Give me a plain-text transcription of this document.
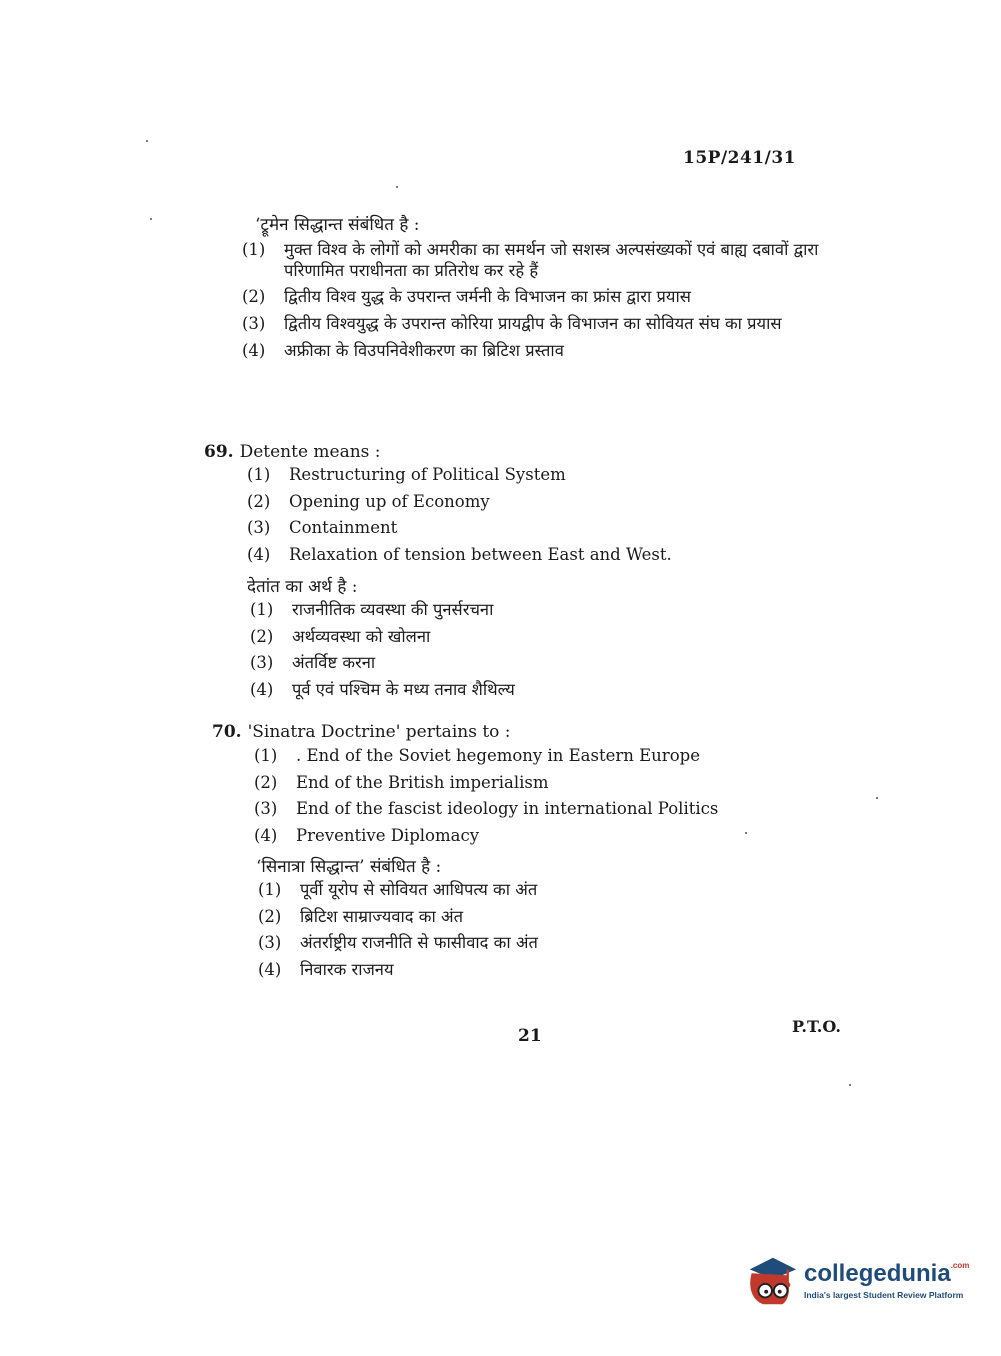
15P/241/31
‘ट्रूमेन सिद्धान्त संबंधित है :
(1)	मुक्त विश्व के लोगों को अमरीका का समर्थन जो सशस्त्र अल्पसंख्यकों एवं बाह्य दबावों द्वारा परिणामित पराधीनता का प्रतिरोध कर रहे हैं
(2)	द्वितीय विश्व युद्ध के उपरान्त जर्मनी के विभाजन का फ्रांस द्वारा प्रयास
(3)	द्वितीय विश्वयुद्ध के उपरान्त कोरिया प्रायद्वीप के विभाजन का सोवियत संघ का प्रयास
(4)	अफ्रीका के विउपनिवेशीकरण का ब्रिटिश प्रस्ताव
69. Detente means :
(1)	Restructuring of Political System
(2)	Opening up of Economy
(3)	Containment
(4)	Relaxation of tension between East and West.
देतांत का अर्थ है :
(1)	राजनीतिक व्यवस्था की पुनर्सरचना
(2)	अर्थव्यवस्था को खोलना
(3)	अंतर्विष्ट करना
(4)	पूर्व एवं पश्चिम के मध्य तनाव शैथिल्य
70. 'Sinatra Doctrine' pertains to :
(1)	. End of the Soviet hegemony in Eastern Europe
(2)	End of the British imperialism
(3)	End of the fascist ideology in international Politics
(4)	Preventive Diplomacy
‘सिनात्रा सिद्धान्त’ संबंधित है :
(1)	पूर्वी यूरोप से सोवियत आधिपत्य का अंत
(2)	ब्रिटिश साम्राज्यवाद का अंत
(3)	अंतर्राष्ट्रीय राजनीति से फासीवाद का अंत
(4)	निवारक राजनय
21	P.T.O.
collegedunia$^{.com}$
India's largest Student Review Platform
